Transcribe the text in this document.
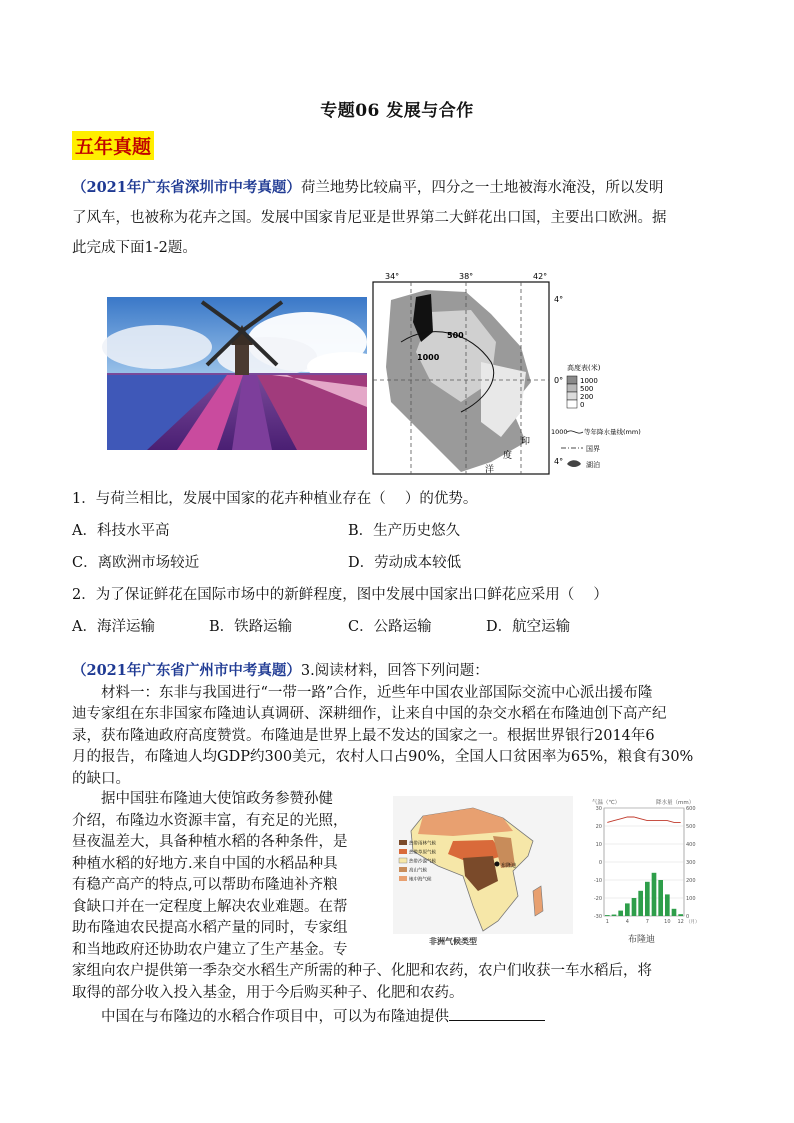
专题06 发展与合作
五年真题
（2021年广东省深圳市中考真题）荷兰地势比较扁平，四分之一土地被海水淹没，所以发明
了风车，也被称为花卉之国。发展中国家肯尼亚是世界第二大鲜花出口国，主要出口欧洲。据
此完成下面1-2题。
34°	38°	42°
4°
0°
4°
500
1000
印
度
洋
高度表(米)
1000
500
200
0
1000	等年降水量线(mm)
国界
湖泊
1．与荷兰相比，发展中国家的花卉种植业存在（　 ）的优势。
A．科技水平高	B．生产历史悠久
C．离欧洲市场较近	D．劳动成本较低
2．为了保证鲜花在国际市场中的新鲜程度，图中发展中国家出口鲜花应采用（　 ）
A．海洋运输	B．铁路运输	C．公路运输	D．航空运输
（2021年广东省广州市中考真题）3.阅读材料，回答下列问题：
材料一：东非与我国进行“一带一路”合作，近些年中国农业部国际交流中心派出援布隆
迪专家组在东非国家布隆迪认真调研、深耕细作，让来自中国的杂交水稻在布隆迪创下高产纪
录，获布隆迪政府高度赞赏。布隆迪是世界上最不发达的国家之一。根据世界银行2014年6
月的报告，布隆迪人均GDP约300美元，农村人口占90%，全国人口贫困率为65%，粮食有30%
的缺口。
据中国驻布隆迪大使馆政务参赞孙健
介绍，布隆边水资源丰富，有充足的光照，
昼夜温差大，具备种植水稻的各种条件，是
种植水稻的好地方.来自中国的水稻品种具
有稳产高产的特点,可以帮助布隆迪补齐粮
食缺口并在一定程度上解决农业难题。在帮
助布隆迪农民提高水稻产量的同时，专家组
和当地政府还协助农户建立了生产基金。专
布隆迪
热带雨林气候
热带草原气候
热带沙漠气候
高山气候
地中海气候
非洲气候类型
气温（℃）	降水量（mm）
30
20
10
0
-10
-20
-30
600
500
400
300
200
100
0
1	4	7	10 12 （月）
布隆迪
家组向农户提供第一季杂交水稻生产所需的种子、化肥和农药，农户们收获一车水稻后，将
取得的部分收入投入基金，用于今后购买种子、化肥和农药。
中国在与布隆边的水稻合作项目中，可以为布隆迪提供
